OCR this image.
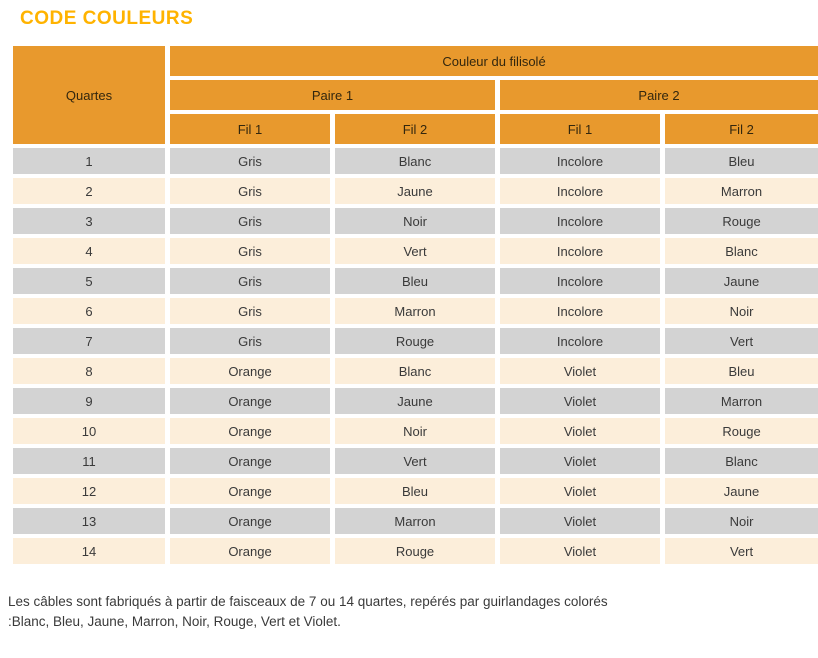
CODE COULEURS
Quartes	Couleur du filisolé			
	Paire 1		Paire 2	
	Fil 1	Fil 2	Fil 1	Fil 2
1	Gris	Blanc	Incolore	Bleu
2	Gris	Jaune	Incolore	Marron
3	Gris	Noir	Incolore	Rouge
4	Gris	Vert	Incolore	Blanc
5	Gris	Bleu	Incolore	Jaune
6	Gris	Marron	Incolore	Noir
7	Gris	Rouge	Incolore	Vert
8	Orange	Blanc	Violet	Bleu
9	Orange	Jaune	Violet	Marron
10	Orange	Noir	Violet	Rouge
11	Orange	Vert	Violet	Blanc
12	Orange	Bleu	Violet	Jaune
13	Orange	Marron	Violet	Noir
14	Orange	Rouge	Violet	Vert

Les câbles sont fabriqués à partir de faisceaux de 7 ou 14 quartes, repérés par guirlandages colorés
:Blanc, Bleu, Jaune, Marron, Noir, Rouge, Vert et Violet.
